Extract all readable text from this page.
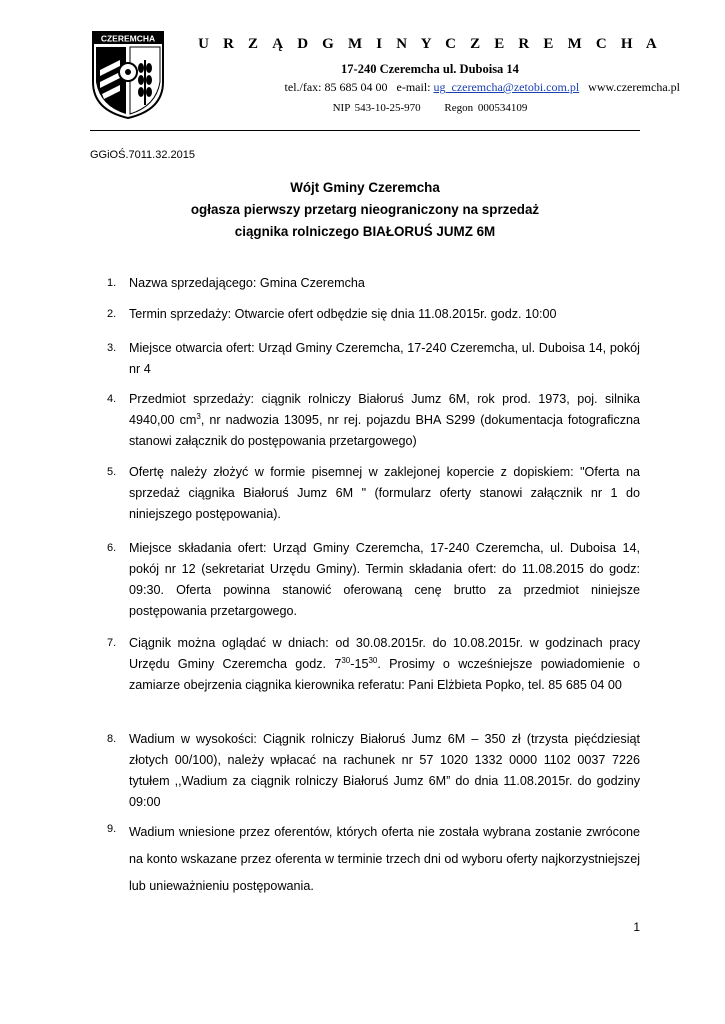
CZEREMCHA	U R Z Ą D G M I N Y C Z E R E M C H A
17-240 Czeremcha ul. Duboisa 14
tel./fax: 85 685 04 00 e-mail: ug_czeremcha@zetobi.com.pl www.czeremcha.pl
NIP 543-10-25-970 Regon 000534109
GGiOŚ.7011.32.2015
Wójt Gminy Czeremcha
ogłasza pierwszy przetarg nieograniczony na sprzedaż
ciągnika rolniczego BIAŁORUŚ JUMZ 6M
1. Nazwa sprzedającego: Gmina Czeremcha
2. Termin sprzedaży: Otwarcie ofert odbędzie się dnia 11.08.2015r. godz. 10:00
3. Miejsce otwarcia ofert: Urząd Gminy Czeremcha, 17-240 Czeremcha, ul. Duboisa 14, pokój nr 4
4. Przedmiot sprzedaży: ciągnik rolniczy Białoruś Jumz 6M, rok prod. 1973, poj. silnika 4940,00 $cm^3$, nr nadwozia 13095, nr rej. pojazdu BHA S299 (dokumentacja fotograficzna stanowi załącznik do postępowania przetargowego)
5. Ofertę należy złożyć w formie pisemnej w zaklejonej kopercie z dopiskiem: "Oferta na sprzedaż ciągnika Białoruś Jumz 6M " (formularz oferty stanowi załącznik nr 1 do niniejszego postępowania).
6. Miejsce składania ofert: Urząd Gminy Czeremcha, 17-240 Czeremcha, ul. Duboisa 14, pokój nr 12 (sekretariat Urzędu Gminy). Termin składania ofert: do 11.08.2015 do godz: 09:30. Oferta powinna stanowić oferowaną cenę brutto za przedmiot niniejsze postępowania przetargowego.
7. Ciągnik można oglądać w dniach: od 30.08.2015r. do 10.08.2015r. w godzinach pracy Urzędu Gminy Czeremcha godz. $7^{30}-15^{30}$. Prosimy o wcześniejsze powiadomienie o zamiarze obejrzenia ciągnika kierownika referatu: Pani Elżbieta Popko, tel. 85 685 04 00
8. Wadium w wysokości: Ciągnik rolniczy Białoruś Jumz 6M – 350 zł (trzysta pięćdziesiąt złotych 00/100), należy wpłacać na rachunek nr 57 1020 1332 0000 1102 0037 7226 tytułem ,,Wadium za ciągnik rolniczy Białoruś Jumz 6M” do dnia 11.08.2015r. do godziny 09:00
9. Wadium wniesione przez oferentów, których oferta nie została wybrana zostanie zwrócone na konto wskazane przez oferenta w terminie trzech dni od wyboru oferty najkorzystniejszej lub unieważnieniu postępowania.
1
